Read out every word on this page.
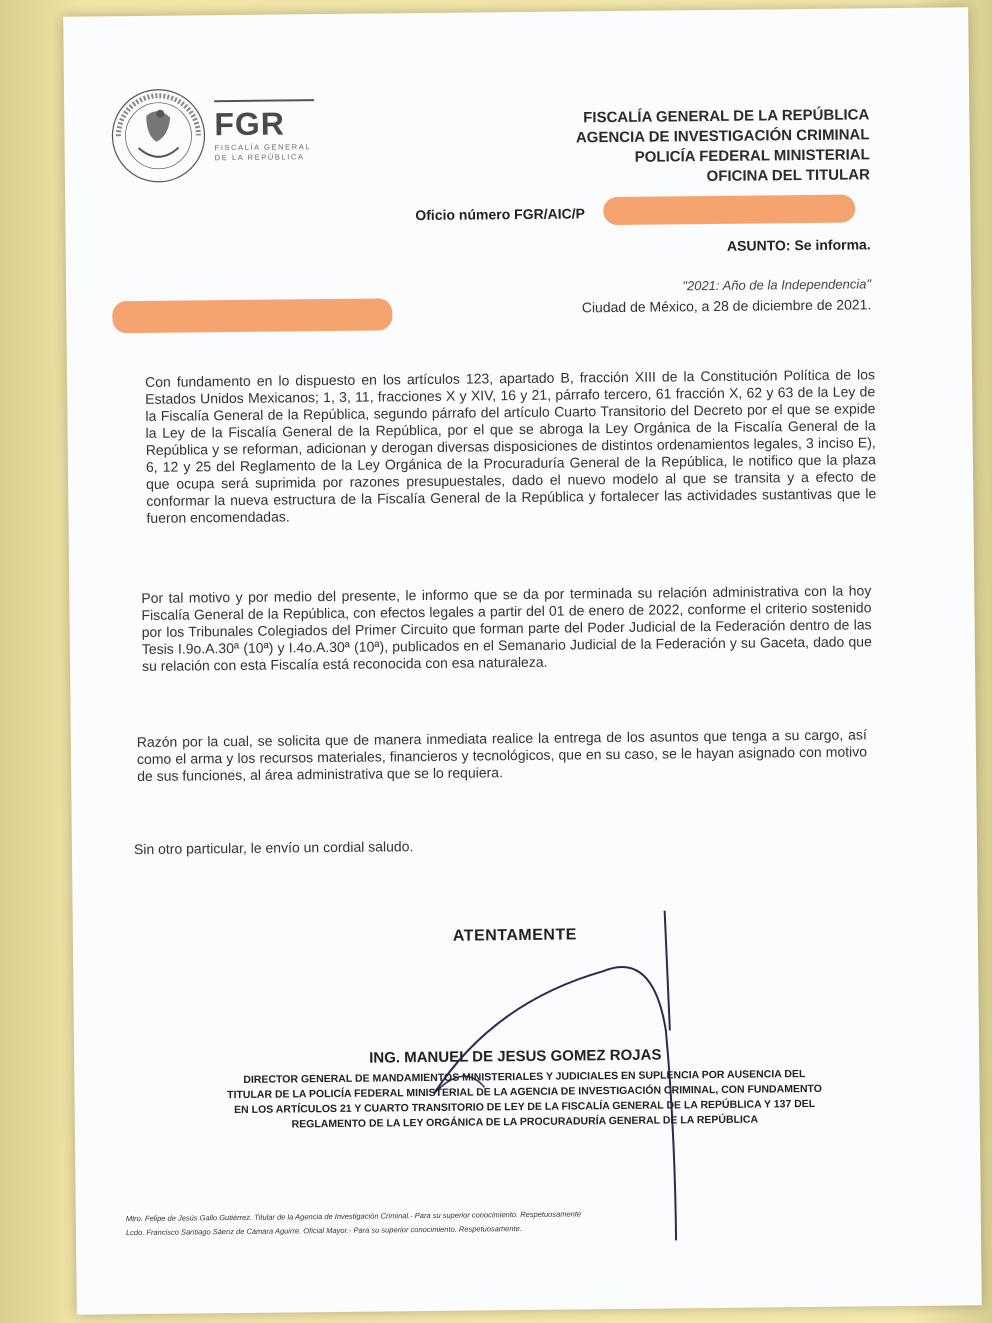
FGR
FISCALÍA GENERAL
DE LA REPÚBLICA
FISCALÍA GENERAL DE LA REPÚBLICA
AGENCIA DE INVESTIGACIÓN CRIMINAL
POLICÍA FEDERAL MINISTERIAL
OFICINA DEL TITULAR
Oficio número FGR/AIC/P
ASUNTO: Se informa.
"2021: Año de la Independencia"
Ciudad de México, a 28 de diciembre de 2021.
Con fundamento en lo dispuesto en los artículos 123, apartado B, fracción XIII de la Constitución Política de los Estados Unidos Mexicanos; 1, 3, 11, fracciones X y XIV, 16 y 21, párrafo tercero, 61 fracción X, 62 y 63 de la Ley de la Fiscalía General de la República, segundo párrafo del artículo Cuarto Transitorio del Decreto por el que se expide la Ley de la Fiscalía General de la República, por el que se abroga la Ley Orgánica de la Fiscalía General de la República y se reforman, adicionan y derogan diversas disposiciones de distintos ordenamientos legales, 3 inciso E), 6, 12 y 25 del Reglamento de la Ley Orgánica de la Procuraduría General de la República, le notifico que la plaza que ocupa será suprimida por razones presupuestales, dado el nuevo modelo al que se transita y a efecto de conformar la nueva estructura de la Fiscalía General de la República y fortalecer las actividades sustantivas que le fueron encomendadas.
Por tal motivo y por medio del presente, le informo que se da por terminada su relación administrativa con la hoy Fiscalía General de la República, con efectos legales a partir del 01 de enero de 2022, conforme el criterio sostenido por los Tribunales Colegiados del Primer Circuito que forman parte del Poder Judicial de la Federación dentro de las Tesis I.9o.A.30ª (10ª) y I.4o.A.30ª (10ª), publicados en el Semanario Judicial de la Federación y su Gaceta, dado que su relación con esta Fiscalía está reconocida con esa naturaleza.
Razón por la cual, se solicita que de manera inmediata realice la entrega de los asuntos que tenga a su cargo, así como el arma y los recursos materiales, financieros y tecnológicos, que en su caso, se le hayan asignado con motivo de sus funciones, al área administrativa que se lo requiera.
Sin otro particular, le envío un cordial saludo.
ATENTAMENTE
ING. MANUEL DE JESUS GOMEZ ROJAS
DIRECTOR GENERAL DE MANDAMIENTOS MINISTERIALES Y JUDICIALES EN SUPLENCIA POR AUSENCIA DEL TITULAR DE LA POLICÍA FEDERAL MINISTERIAL DE LA AGENCIA DE INVESTIGACIÓN CRIMINAL, CON FUNDAMENTO EN LOS ARTÍCULOS 21 Y CUARTO TRANSITORIO DE LEY DE LA FISCALÍA GENERAL DE LA REPÚBLICA Y 137 DEL REGLAMENTO DE LA LEY ORGÁNICA DE LA PROCURADURÍA GENERAL DE LA REPÚBLICA
Mtro. Felipe de Jesús Gallo Gutiérrez. Titular de la Agencia de Investigación Criminal.- Para su superior conocimiento. Respetuosamente
Lcdo. Francisco Santiago Sáenz de Cámara Aguirre. Oficial Mayor.- Para su superior conocimiento. Respetuosamente.
